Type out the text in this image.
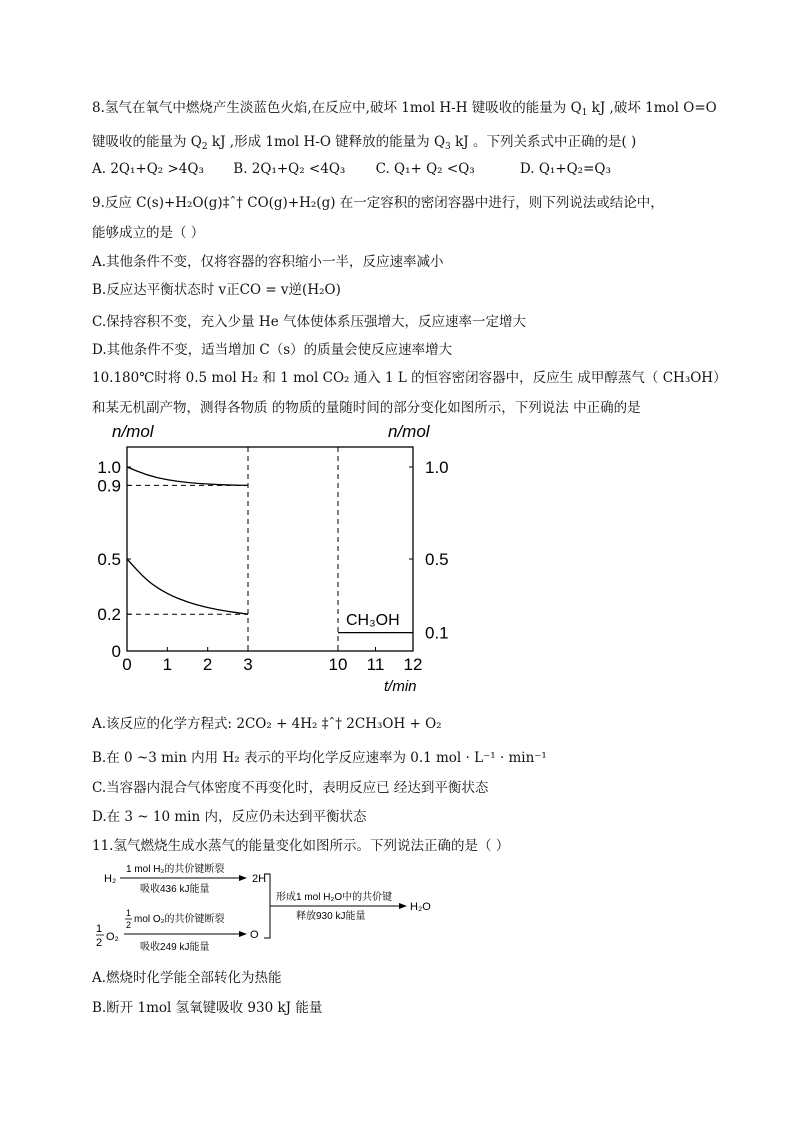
8.氢气在氧气中燃烧产生淡蓝色火焰,在反应中,破坏 1mol H-H 键吸收的能量为 $Q_1$ kJ ,破坏 1mol O=O
键吸收的能量为 $Q_2$ kJ ,形成 1mol H-O 键释放的能量为 $Q_3$ kJ 。下列关系式中正确的是( )
A. 2Q₁+Q₂ >4Q₃ B. 2Q₁+Q₂ <4Q₃ C. Q₁+ Q₂ <Q₃	D. Q₁+Q₂=Q₃
9.反应 C(s)+H₂O(g)‡ˆ† CO(g)+H₂(g) 在一定容积的密闭容器中进行，则下列说法或结论中，
能够成立的是（ ）
A.其他条件不变，仅将容器的容积缩小一半，反应速率减小
B.反应达平衡状态时 v正CO = v逆(H₂O)
C.保持容积不变，充入少量 He 气体使体系压强增大，反应速率一定增大
D.其他条件不变，适当增加 C（s）的质量会使反应速率增大
10.180℃时将 0.5 mol H₂ 和 1 mol CO₂ 通入 1 L 的恒容密闭容器中，反应生 成甲醇蒸气（ CH₃OH）
和某无机副产物，测得各物质 的物质的量随时间的部分变化如图所示，下列说法 中正确的是
0
0.2
0.5
0.9
1.0
0.1
0.5
1.0
0 1 2 3	10 11 12
n/mol	n/mol
t/min
CH₃OH
A.该反应的化学方程式: 2CO₂ + 4H₂ ‡ˆ† 2CH₃OH + O₂
B.在 0 ~3 min 内用 H₂ 表示的平均化学反应速率为 0.1 mol · L⁻¹ · min⁻¹
C.当容器内混合气体密度不再变化时，表明反应已 经达到平衡状态
D.在 3 ~ 10 min 内，反应仍未达到平衡状态
11.氢气燃烧生成水蒸气的能量变化如图所示。下列说法正确的是（ ）
H₂
1 mol H₂的共价键断裂
吸收436 kJ能量
2H
1
2 O₂
1
2 mol O₂的共价键断裂
吸收249 kJ能量
O
形成1 mol H₂O中的共价键
释放930 kJ能量
H₂O
A.燃烧时化学能全部转化为热能
B.断开 1mol 氢氧键吸收 930 kJ 能量
